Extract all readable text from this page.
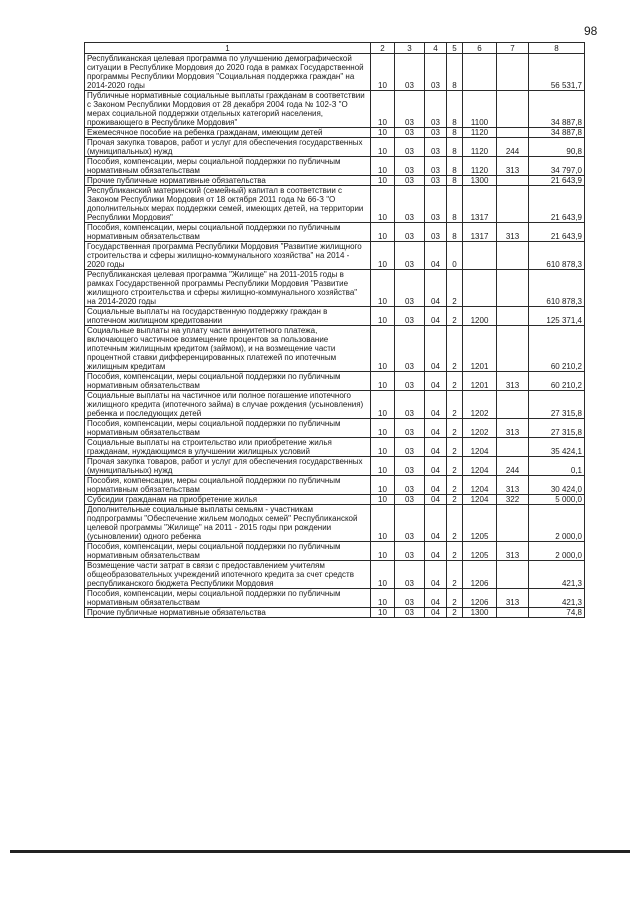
98
1	2	3	4	5	6	7	8
Республиканская целевая программа по улучшению демографической ситуации в Республике Мордовия до 2020 года в рамках Государственной программы Республики Мордовия "Социальная поддержка граждан" на 2014-2020 годы	10	03	03	8			56 531,7
Публичные нормативные социальные выплаты гражданам в соответствии с Законом Республики Мордовия от 28 декабря 2004 года № 102-З "О мерах социальной поддержки отдельных категорий населения, проживающего в Республике Мордовия"	10	03	03	8	1100		34 887,8
Ежемесячное пособие на ребенка гражданам, имеющим детей	10	03	03	8	1120		34 887,8
Прочая закупка товаров, работ и услуг для обеспечения государственных (муниципальных) нужд	10	03	03	8	1120	244	90,8
Пособия, компенсации, меры социальной поддержки по публичным нормативным обязательствам	10	03	03	8	1120	313	34 797,0
Прочие публичные нормативные обязательства	10	03	03	8	1300		21 643,9
Республиканский материнский (семейный) капитал в соответствии с Законом Республики Мордовия от 18 октября 2011 года № 66-З "О дополнительных мерах поддержки семей, имеющих детей, на территории Республики Мордовия"	10	03	03	8	1317		21 643,9
Пособия, компенсации, меры социальной поддержки по публичным нормативным обязательствам	10	03	03	8	1317	313	21 643,9
Государственная программа Республики Мордовия "Развитие жилищного строительства и сферы жилищно-коммунального хозяйства" на 2014 - 2020 годы	10	03	04	0			610 878,3
Республиканская целевая программа "Жилище" на 2011-2015 годы в рамках Государственной программы Республики Мордовия "Развитие жилищного строительства и сферы жилищно-коммунального хозяйства" на 2014-2020 годы	10	03	04	2			610 878,3
Социальные выплаты на государственную поддержку граждан в ипотечном жилищном кредитовании	10	03	04	2	1200		125 371,4
Социальные выплаты на уплату части аннуитетного платежа, включающего частичное возмещение процентов за пользование ипотечным жилищным кредитом (займом), и на возмещение части процентной ставки дифференцированных платежей по ипотечным жилищным кредитам	10	03	04	2	1201		60 210,2
Пособия, компенсации, меры социальной поддержки по публичным нормативным обязательствам	10	03	04	2	1201	313	60 210,2
Социальные выплаты на частичное или полное погашение ипотечного жилищного кредита (ипотечного займа) в случае рождения (усыновления) ребенка и последующих детей	10	03	04	2	1202		27 315,8
Пособия, компенсации, меры социальной поддержки по публичным нормативным обязательствам	10	03	04	2	1202	313	27 315,8
Социальные выплаты на строительство или приобретение жилья гражданам, нуждающимся в улучшении жилищных условий	10	03	04	2	1204		35 424,1
Прочая закупка товаров, работ и услуг для обеспечения государственных (муниципальных) нужд	10	03	04	2	1204	244	0,1
Пособия, компенсации, меры социальной поддержки по публичным нормативным обязательствам	10	03	04	2	1204	313	30 424,0
Субсидии гражданам на приобретение жилья	10	03	04	2	1204	322	5 000,0
Дополнительные социальные выплаты семьям - участникам подпрограммы "Обеспечение жильем молодых семей" Республиканской целевой программы "Жилище" на 2011 - 2015 годы при рождении (усыновлении) одного ребенка	10	03	04	2	1205		2 000,0
Пособия, компенсации, меры социальной поддержки по публичным нормативным обязательствам	10	03	04	2	1205	313	2 000,0
Возмещение части затрат в связи с предоставлением учителям общеобразовательных учреждений ипотечного кредита за счет средств республиканского бюджета Республики Мордовия	10	03	04	2	1206		421,3
Пособия, компенсации, меры социальной поддержки по публичным нормативным обязательствам	10	03	04	2	1206	313	421,3
Прочие публичные нормативные обязательства	10	03	04	2	1300		74,8
